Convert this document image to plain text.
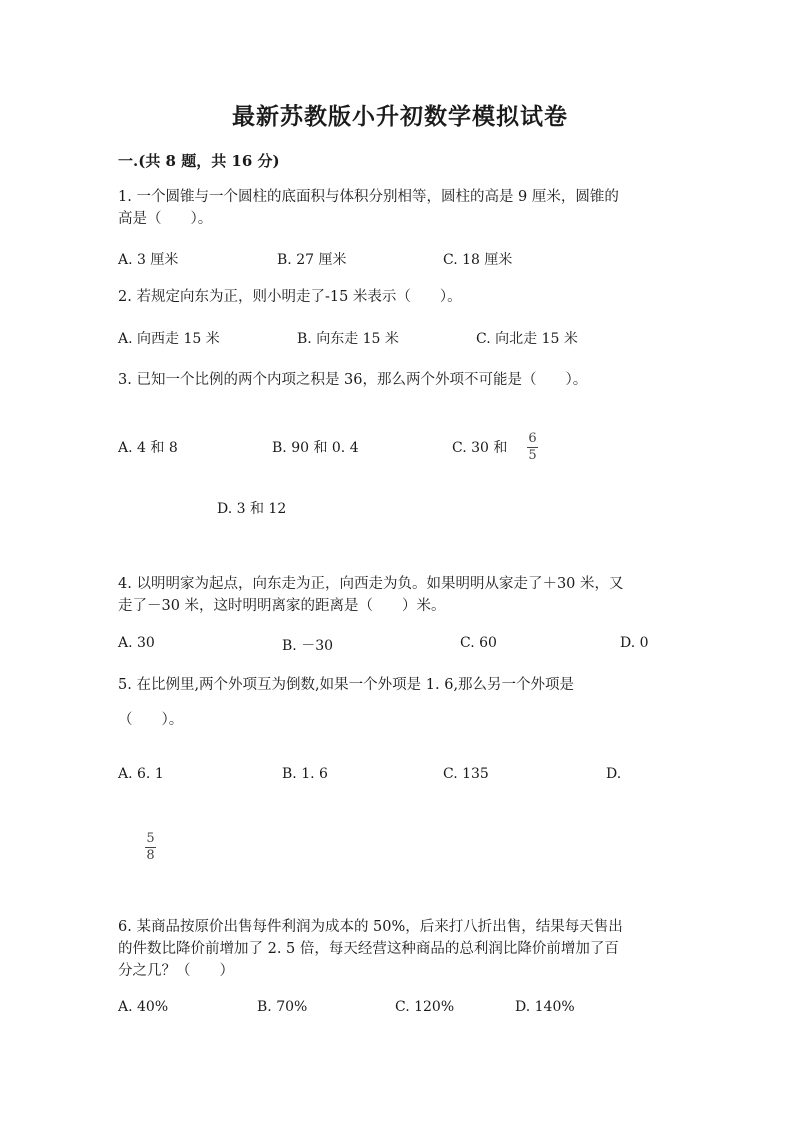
最新苏教版小升初数学模拟试卷
一.(共 8 题，共 16 分)
1. 一个圆锥与一个圆柱的底面积与体积分别相等，圆柱的高是 9 厘米，圆锥的
高是（　　）。
A. 3 厘米	B. 27 厘米	C. 18 厘米
2. 若规定向东为正，则小明走了-15 米表示（　　）。
A. 向西走 15 米	B. 向东走 15 米	C. 向北走 15 米
3. 已知一个比例的两个内项之积是 36，那么两个外项不可能是（　　）。
A. 4 和 8	B. 90 和 0. 4	C. 30 和
6
5
D. 3 和 12
4. 以明明家为起点，向东走为正，向西走为负。如果明明从家走了＋30 米，又
走了－30 米，这时明明离家的距离是（　　）米。
A. 30	B. －30	C. 60	D. 0
5. 在比例里,两个外项互为倒数,如果一个外项是 1. 6,那么另一个外项是
（　　）。
A. 6. 1	B. 1. 6	C. 135	D.
5
8
6. 某商品按原价出售每件利润为成本的 50%，后来打八折出售，结果每天售出
的件数比降价前增加了 2. 5 倍，每天经营这种商品的总利润比降价前增加了百
分之几？（　　）
A. 40%	B. 70%	C. 120%	D. 140%
